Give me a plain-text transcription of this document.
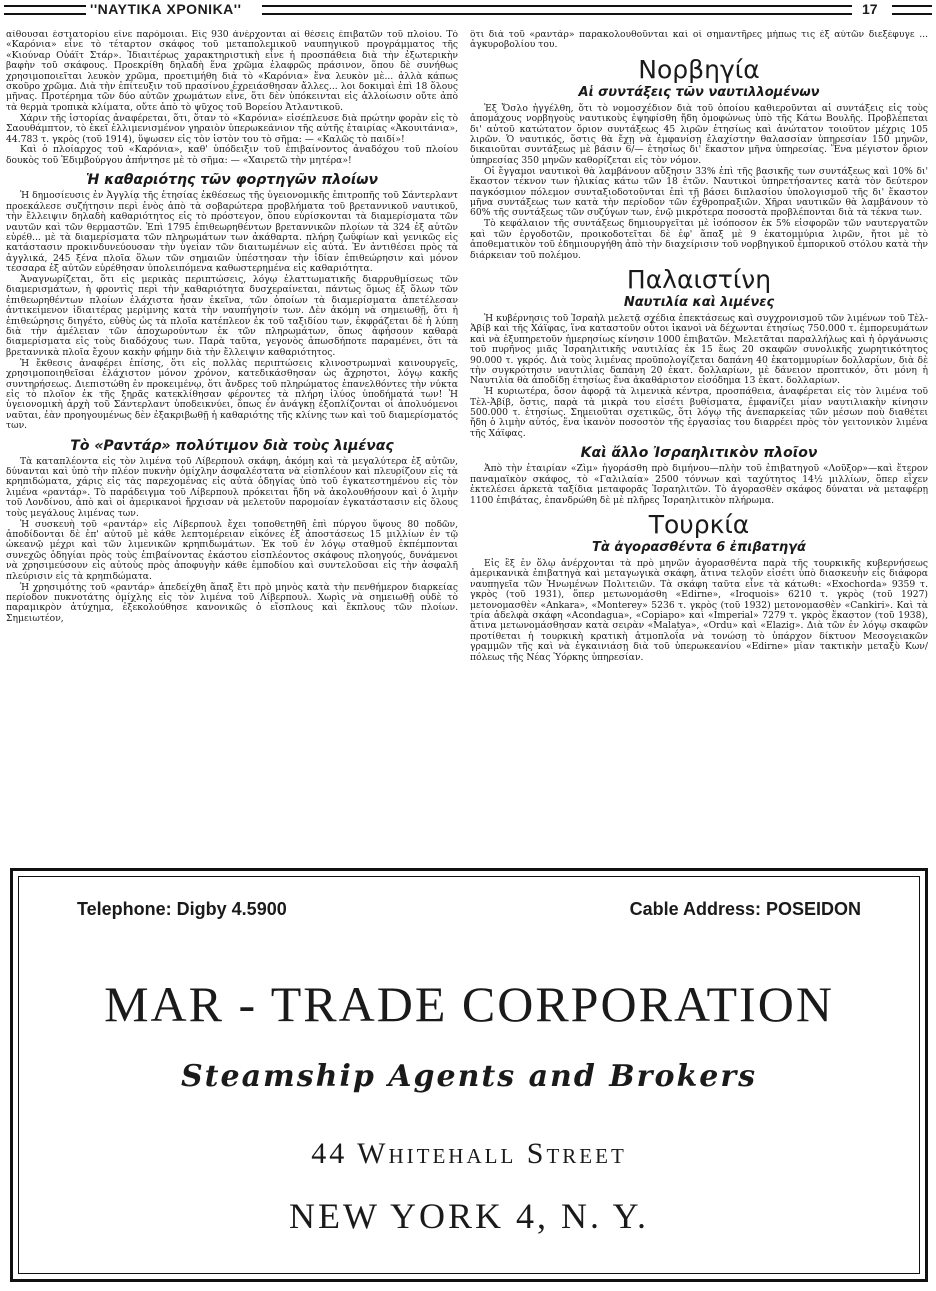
''ΝΑΥΤΙΚΑ ΧΡΟΝΙΚΑ''	17

αίθουσαι ἑστιατορίου εἶνε παρόμοιαι. Εἰς 930 ἀνέρχονται αἱ θέσεις ἐπιβατῶν τοῦ πλοίου. Τὸ «Καρόνια» εἶνε τὸ τέταρτον σκάφος τοῦ μεταπολεμικοῦ ναυπηγικοῦ προγράμματος τῆς «Κιούναρ Οὐάϊτ Στάρ». Ἰδιαιτέρως χαρακτηριστικὴ εἶνε ἡ προσπάθεια διὰ τὴν ἐξωτερικὴν βαφὴν τοῦ σκάφους. Προεκρίθη δηλαδὴ ἕνα χρῶμα ἐλαφρῶς πράσινον, ὅπου δὲ συνήθως χρησιμοποιεῖται λευκὸν χρῶμα, προετιμήθη διὰ τὸ «Καρόνια» ἕνα λευκὸν μὲ... ἀλλὰ κάπως σκοῦρο χρῶμα. Διὰ τὴν ἐπίτευξιν τοῦ πρασίνου ἐχρειάσθησαν ἄλλες... λοι δοκιμαὶ ἐπὶ 18 ὅλους μῆνας. Προτέρημα τῶν δύο αὐτῶν χρωμάτων εἶνε, ὅτι δὲν ὑπόκεινται εἰς ἀλλοίωσιν οὔτε ἀπὸ τὰ θερμὰ τροπικὰ κλίματα, οὔτε ἀπὸ τὸ ψῦχος τοῦ Βορείου Ἀτλαντικοῦ.

Χάριν τῆς ἱστορίας ἀναφέρεται, ὅτι, ὅταν τὸ «Καρόνια» εἰσέπλευσε διὰ πρώτην φορὰν εἰς τὸ Σαουθάμπτον, τὸ ἐκεῖ ἐλλιμενισμένον γηραιὸν ὑπερωκεάνιον τῆς αὐτῆς ἑταιρίας «Ἀκουιτάνια», 44.783 τ. γκρὸς (τοῦ 1914), ὕψωσεν εἰς τὸν ἱστὸν του τὸ σῆμα: — «Καλῶς τὸ παιδί»!

Καὶ ὁ πλοίαρχος τοῦ «Καρόνια», καθ' ὑπόδειξιν τοῦ ἐπιβαίνοντος ἀναδόχου τοῦ πλοίου δουκὸς τοῦ Ἐδιμβούργου ἀπήντησε μὲ τὸ σῆμα: — «Χαιρετῶ τὴν μητέρα»!

Ἡ καθαριότης τῶν φορτηγῶν πλοίων

Ἡ δημοσίευσις ἐν Ἀγγλίᾳ τῆς ἐτησίας ἐκθέσεως τῆς ὑγειονομικῆς ἐπιτροπῆς τοῦ Σάντερλαντ προεκάλεσε συζήτησιν περὶ ἑνὸς ἀπὸ τὰ σοβαρώτερα προβλήματα τοῦ βρεταννικοῦ ναυτικοῦ, τὴν ἔλλειψιν δηλαδὴ καθαριότητος εἰς τὸ πρόστεγον, ὅπου εὑρίσκονται τὰ διαμερίσματα τῶν ναυτῶν καὶ τῶν θερμαστῶν. Ἐπὶ 1795 ἐπιθεωρηθέντων βρεταννικῶν πλοίων τὰ 324 ἐξ αὐτῶν εὑρέθ... μὲ τὰ διαμερίσματα τῶν πληρωμάτων των ἀκάθαρτα. πλήρη ζωΰφίων καὶ γενικῶς εἰς κατάστασιν προκινδυνεύουσαν τὴν ὑγείαν τῶν διαιτωμένων εἰς αὐτά. Ἐν ἀντιθέσει πρὸς τὰ ἀγγλικά, 245 ξένα πλοῖα ὅλων τῶν σημαιῶν ὑπέστησαν τὴν ἰδίαν ἐπιθεώρησιν καὶ μόνον τέσσαρα ἐξ αὐτῶν εὑρέθησαν ὑπολειπόμενα καθωστερημένα εἰς καθαριότητα.

Ἀναγνωρίζεται, ὅτι εἰς μερικὰς περιπτώσεις, λόγῳ ἐλαττωματικῆς διαρρυθμίσεως τῶν διαμερισμάτων, ἡ φροντὶς περὶ τὴν καθαριότητα δυσχεραίνεται, πάντως ὅμως ἐξ ὅλων τῶν ἐπιθεωρηθέντων πλοίων ἐλάχιστα ἦσαν ἐκεῖνα, τῶν ὁποίων τὰ διαμερίσματα ἀπετέλεσαν ἀντικείμενον ἰδιαιτέρας μερίμνης κατὰ τὴν ναυπήγησίν των. Δὲν ἀκόμη νὰ σημειωθῇ, ὅτι ἡ ἐπιθεώρησις διηγέτο, εὐθὺς ὡς τὰ πλοῖα κατέπλεον ἐκ τοῦ ταξιδίου των, ἐκφράζεται δὲ ἡ λύπη διὰ τὴν ἀμέλειαν τῶν ἀποχωρούντων ἐκ τῶν πληρωμάτων, ὅπως ἀφήσουν καθαρὰ διαμερίσματα εἰς τοὺς διαδόχους των. Παρὰ ταῦτα, γεγονὸς ἀπωσδήποτε παραμένει, ὅτι τὰ βρεταννικὰ πλοῖα ἔχουν κακὴν φήμην διὰ τὴν ἔλλειψιν καθαριότητος.

Ἡ ἔκθεσις ἀναφέρει ἐπίσης, ὅτι εἰς πολλὰς περιπτώσεις κλινοστρωμναὶ καινουργεῖς, χρησιμοποιηθεῖσαι ἐλάχιστον μόνον χρόνον, κατεδικάσθησαν ὡς ἄχρηστοι, λόγῳ κακῆς συντηρήσεως. Διεπιστώθη ἐν προκειμένῳ, ὅτι ἄνδρες τοῦ πληρώματος ἐπανελθόντες τὴν νύκτα εἰς τὸ πλοῖον ἐκ τῆς ξηρᾶς κατεκλίθησαν φέροντες τὰ πλήρη ἰλύος ὑποδήματά των! Ἡ ὑγειονομικὴ ἀρχὴ τοῦ Σάντερλαντ ὑποδεικνύει, ὅπως ἐν ἀνάγκῃ ἐξοπλίζονται οἱ ἀπολυόμενοι ναῦται, ἐὰν προηγουμένως δὲν ἐξακριβωθῇ ἡ καθαριότης τῆς κλίνης των καὶ τοῦ διαμερίσματός των.

Τὸ «Ραντάρ» πολύτιμον διὰ τοὺς λιμένας

Τὰ καταπλέοντα εἰς τὸν λιμένα τοῦ Λίβερπουλ σκάφη, ἀκόμη καὶ τὰ μεγαλύτερα ἐξ αὐτῶν, δύνανται καὶ ὑπὸ τὴν πλέον πυκνὴν ὁμίχλην ἀσφαλέστατα νὰ εἰσπλέουν καὶ πλευρίζουν εἰς τὰ κρηπιδώματα, χάρις εἰς τὰς παρεχομένας εἰς αὐτὰ ὁδηγίας ὑπὸ τοῦ ἐγκατεστημένου εἰς τὸν λιμένα «ραντάρ». Τὸ παράδειγμα τοῦ Λίβερπουλ πρόκειται ἤδη νὰ ἀκολουθήσουν καὶ ὁ λιμὴν τοῦ Λονδίνου, ἀπὸ καὶ οἱ ἀμερικανοὶ ἤρχισαν νὰ μελετοῦν παρομοίαν ἐγκατάστασιν εἰς ὅλους τοὺς μεγάλους λιμένας των.

Ἡ συσκευὴ τοῦ «ραντάρ» εἰς Λίβερπουλ ἔχει τοποθετηθῆ ἐπὶ πύργου ὕψους 80 ποδῶν, ἀποδίδονται δὲ ἐπ' αὐτοῦ μὲ κάθε λεπτομέρειαν εἰκόνες ἐξ ἀποστάσεως 15 μιλλίων ἐν τῷ ὠκεανῷ μέχρι καὶ τῶν λιμενικῶν κρηπιδωμάτων. Ἐκ τοῦ ἐν λόγῳ σταθμοῦ ἐκπέμπονται συνεχῶς ὁδηγίαι πρὸς τοὺς ἐπιβαίνοντας ἑκάστου εἰσπλέοντος σκάφους πλοηγούς, δυνάμενοι νὰ χρησιμεύσουν εἰς αὐτοὺς πρὸς ἀποφυγὴν κάθε ἐμποδίου καὶ συντελοῦσαι εἰς τὴν ἀσφαλῆ πλεύρισιν εἰς τὰ κρηπιδώματα.

Ἡ χρησιμότης τοῦ «ραντάρ» ἀπεδείχθη ἅπαξ ἔτι πρὸ μηνὸς κατὰ τὴν πενθήμερον διαρκείας περίοδον πυκνοτάτης ὁμίχλης εἰς τὸν λιμένα τοῦ Λίβερπουλ. Χωρὶς νὰ σημειωθῇ οὐδὲ τὸ παραμικρὸν ἀτύχημα, ἐξεκολούθησε κανονικῶς ὁ εἴσπλους καὶ ἔκπλους τῶν πλοίων. Σημειωτέον,

ὅτι διὰ τοῦ «ραντάρ» παρακολουθοῦνται καὶ οἱ σημαντῆρες μήπως τις ἐξ αὐτῶν διεξέφυγε ... ἀγκυροβολίου του.

Νορβηγία
Αἱ συντάξεις τῶν ναυτιλλομένων

Ἐξ Ὄσλο ἠγγέλθη, ὅτι τὸ νομοσχέδιον διὰ τοῦ ὁποίου καθιεροῦνται αἱ συντάξεις εἰς τοὺς ἀπομάχους νορβηγοὺς ναυτικοὺς ἐψηφίσθη ἤδη ὁμοφώνως ὑπὸ τῆς Κάτω Βουλῆς. Προβλέπεται δι' αὐτοῦ κατώτατον ὅριον συντάξεως 45 λιρῶν ἐτησίως καὶ ἀνώτατον τοιοῦτον μέχρις 105 λιρῶν. Ὁ ναυτικός, ὅστις θὰ ἔχῃ νὰ ἐμφανίσῃ ἐλαχίστην θαλασσίαν ὑπηρεσίαν 150 μηνῶν, δικαιοῦται συντάξεως μὲ βάσιν 6/— ἐτησίως δι' ἕκαστον μῆνα ὑπηρεσίας. Ἕνα μέγιστον ὅριον ὑπηρεσίας 350 μηνῶν καθορίζεται εἰς τὸν νόμον.

Οἱ ἔγγαμοι ναυτικοὶ θὰ λαμβάνουν αὔξησιν 33% ἐπὶ τῆς βασικῆς των συντάξεως καὶ 10% δι' ἕκαστον τέκνον των ἡλικίας κάτω τῶν 18 ἐτῶν. Ναυτικοὶ ὑπηρετήσαντες κατὰ τὸν δεύτερον παγκόσμιον πόλεμον συνταξιοδοτοῦνται ἐπὶ τῇ βάσει διπλασίου ὑπολογισμοῦ τῆς δι' ἕκαστον μῆνα συντάξεως των κατὰ τὴν περίοδον τῶν ἐχθροπραξιῶν. Χῆραι ναυτικῶν θὰ λαμβάνουν τὸ 60% τῆς συντάξεως τῶν συζύγων των, ἐνῷ μικρότερα ποσοστὰ προβλέπονται διὰ τὰ τέκνα των.

Τὸ κεφάλαιον τῆς συντάξεως δημιουργεῖται μὲ ἰσόποσον ἐκ 5% εἰσφορῶν τῶν ναυτεργατῶν καὶ τῶν ἐργοδοτῶν, προικοδοτεῖται δὲ ἐφ' ἅπαξ μὲ 9 ἑκατομμύρια λιρῶν, ἤτοι μὲ τὸ ἀποθεματικὸν τοῦ ἐδημιουργήθη ἀπὸ τὴν διαχείρισιν τοῦ νορβηγικοῦ ἐμπορικοῦ στόλου κατὰ τὴν διάρκειαν τοῦ πολέμου.

Παλαιστίνη
Ναυτιλία καὶ λιμένες

Ἡ κυβέρνησις τοῦ Ἰσραὴλ μελετᾷ σχέδια ἐπεκτάσεως καὶ συγχρονισμοῦ τῶν λιμένων τοῦ Τὲλ-Ἀβίβ καὶ τῆς Χάϊφας, ἵνα καταστοῦν οὗτοι ἱκανοὶ νὰ δέχωνται ἐτησίως 750.000 τ. ἐμπορευμάτων καὶ νὰ ἐξυπηρετοῦν ἡμερησίως κίνησιν 1000 ἐπιβατῶν. Μελετᾶται παραλλήλως καὶ ἡ ὀργάνωσις τοῦ πυρῆνος μιᾶς Ἰσραηλιτικῆς ναυτιλίας ἐκ 15 ἕως 20 σκαφῶν συνολικῆς χωρητικότητος 90.000 τ. γκρός. Διὰ τοὺς λιμένας προϋπολογίζεται δαπάνη 40 ἑκατομμυρίων δολλαρίων, διὰ δὲ τὴν συγκρότησιν ναυτιλίας δαπάνη 20 ἑκατ. δολλαρίων, μὲ δάνειον προπτικόν, ὅτι μόνη ἡ Ναυτιλία θὰ ἀποδίδῃ ἐτησίως ἕνα ἀκαθάριστον εἰσόδημα 13 ἑκατ. δολλαρίων.

Ἡ κυριωτέρα, ὅσον ἀφορᾷ τὰ λιμενικὰ κέντρα, προσπάθεια, ἀναφέρεται εἰς τὸν λιμένα τοῦ Τὲλ-Ἀβίβ, ὅστις, παρὰ τὰ μικρὰ του εἰσέτι βυθίσματα, ἐμφανίζει μίαν ναυτιλιακὴν κίνησιν 500.000 τ. ἐτησίως. Σημειοῦται σχετικῶς, ὅτι λόγῳ τῆς ἀνεπαρκείας τῶν μέσων ποὺ διαθέτει ἤδη ὁ λιμὴν αὐτός, ἕνα ἱκανὸν ποσοστὸν τῆς ἐργασίας του διαρρέει πρὸς τὸν γειτονικὸν λιμένα τῆς Χάϊφας.

Καὶ ἄλλο Ἰσραηλιτικὸν πλοῖον

Ἀπὸ τὴν ἑταιρίαν «Ζὶμ» ἠγοράσθη πρὸ διμήνου—πλὴν τοῦ ἐπιβατηγοῦ «Λοῦξορ»—καὶ ἕτερον παναμαϊκὸν σκάφος, τὸ «Γαλιλαία» 2500 τόννων καὶ ταχύτητος 14½ μιλλίων, ὅπερ εἶχεν ἐκτελέσει ἀρκετὰ ταξίδια μεταφορᾶς Ἰσραηλιτῶν. Τὸ ἀγορασθὲν σκάφος δύναται νὰ μεταφέρῃ 1100 ἐπιβάτας, ἐπανδρώθη δὲ μὲ πλῆρες Ἰσραηλιτικὸν πλήρωμα.

Τουρκία
Τὰ ἀγορασθέντα 6 ἐπιβατηγά

Εἰς ἓξ ἐν ὅλῳ ἀνέρχονται τὰ πρὸ μηνῶν ἀγορασθέντα παρὰ τῆς τουρκικῆς κυβερνήσεως ἀμερικανικὰ ἐπιβατηγὰ καὶ μεταγωγικὰ σκάφη, ἅτινα τελοῦν εἰσέτι ὑπὸ διασκευὴν εἰς διάφορα ναυπηγεῖα τῶν Ἡνωμένων Πολιτειῶν. Τὰ σκάφη ταῦτα εἶνε τὰ κάτωθι: «Exochorda» 9359 τ. γκρὸς (τοῦ 1931), ὅπερ μετωνομάσθη «Edirne», «Iroquois» 6210 τ. γκρὸς (τοῦ 1927) μετονομασθὲν «Ankara», «Monterey» 5236 τ. γκρὸς (τοῦ 1932) μετονομασθὲν «Cankiri». Καὶ τὰ τρία ἀδελφὰ σκάφη «Acondagua», «Copiapo» καὶ «Imperial» 7279 τ. γκρὸς ἕκαστον (τοῦ 1938), ἅτινα μετωνομάσθησαν κατὰ σειρὰν «Malatya», «Ordu» καὶ «Elazig». Διὰ τῶν ἐν λόγῳ σκαφῶν προτίθεται ἡ τουρκικὴ κρατικὴ ἀτμοπλοΐα νὰ τονώσῃ τὸ ὑπάρχον δίκτυον Μεσογειακῶν γραμμῶν τῆς καὶ νὰ ἐγκαινιάσῃ διὰ τοῦ ὑπερωκεανίου «Edirne» μίαν τακτικὴν μεταξὺ Κων/πόλεως τῆς Νέας Ὑόρκης ὑπηρεσίαν.

Telephone: Digby 4.5900	Cable Address: POSEIDON
MAR - TRADE CORPORATION
Steamship Agents and Brokers
44 Whitehall Street
NEW YORK 4, N. Y.
